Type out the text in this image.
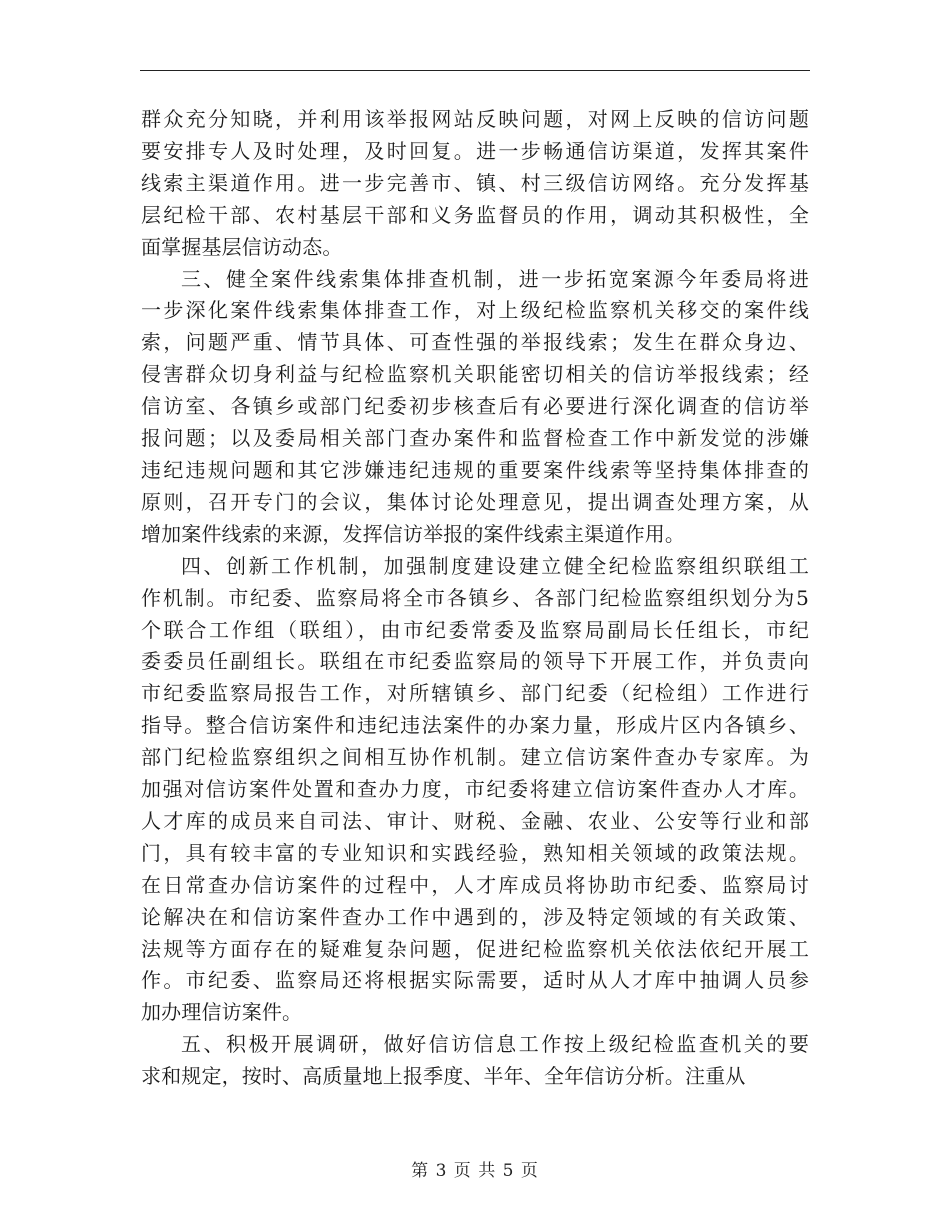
群众充分知晓，并利用该举报网站反映问题，对网上反映的信访问题
要安排专人及时处理，及时回复。进一步畅通信访渠道，发挥其案件
线索主渠道作用。进一步完善市、镇、村三级信访网络。充分发挥基
层纪检干部、农村基层干部和义务监督员的作用，调动其积极性，全
面掌握基层信访动态。
三、健全案件线索集体排查机制，进一步拓宽案源今年委局将进
一步深化案件线索集体排查工作，对上级纪检监察机关移交的案件线
索，问题严重、情节具体、可查性强的举报线索；发生在群众身边、
侵害群众切身利益与纪检监察机关职能密切相关的信访举报线索；经
信访室、各镇乡或部门纪委初步核查后有必要进行深化调查的信访举
报问题；以及委局相关部门查办案件和监督检查工作中新发觉的涉嫌
违纪违规问题和其它涉嫌违纪违规的重要案件线索等坚持集体排查的
原则，召开专门的会议，集体讨论处理意见，提出调查处理方案，从
增加案件线索的来源，发挥信访举报的案件线索主渠道作用。
四、创新工作机制，加强制度建设建立健全纪检监察组织联组工
作机制。市纪委、监察局将全市各镇乡、各部门纪检监察组织划分为5
个联合工作组（联组），由市纪委常委及监察局副局长任组长，市纪
委委员任副组长。联组在市纪委监察局的领导下开展工作，并负责向
市纪委监察局报告工作，对所辖镇乡、部门纪委（纪检组）工作进行
指导。整合信访案件和违纪违法案件的办案力量，形成片区内各镇乡、
部门纪检监察组织之间相互协作机制。建立信访案件查办专家库。为
加强对信访案件处置和查办力度，市纪委将建立信访案件查办人才库。
人才库的成员来自司法、审计、财税、金融、农业、公安等行业和部
门，具有较丰富的专业知识和实践经验，熟知相关领域的政策法规。
在日常查办信访案件的过程中，人才库成员将协助市纪委、监察局讨
论解决在和信访案件查办工作中遇到的，涉及特定领域的有关政策、
法规等方面存在的疑难复杂问题，促进纪检监察机关依法依纪开展工
作。市纪委、监察局还将根据实际需要，适时从人才库中抽调人员参
加办理信访案件。
五、积极开展调研，做好信访信息工作按上级纪检监查机关的要
求和规定，按时、高质量地上报季度、半年、全年信访分析。注重从
第 3 页 共 5 页
